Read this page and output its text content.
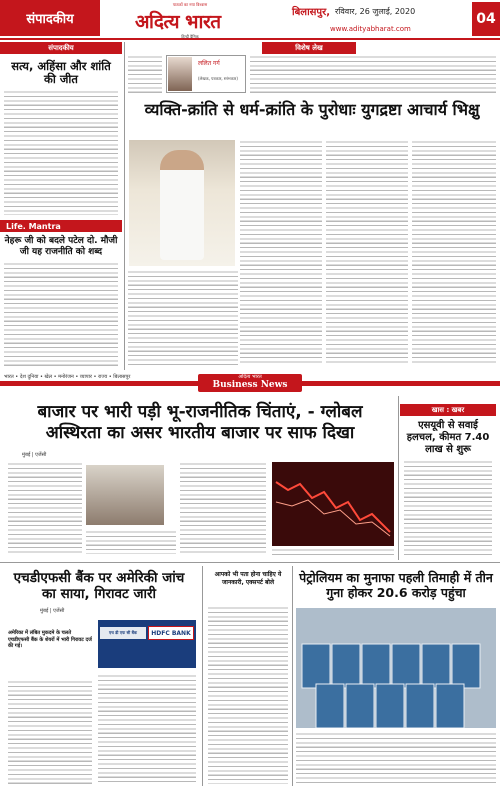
संपादकीय
पाठकों का नया विश्वास
अदित्य भारत
हिन्दी दैनिक
बिलासपुर, रविवार, 26 जुलाई, 2020
www.adityabharat.com
04
संपादकीय
सत्य, अहिंसा और शांति की जीत
Life. Mantra
नेहरू जी को बदले पटेल दो. मौजी जी यह राजनीति को शब्द
विशेष लेख
ललित गर्ग
(लेखक, पत्रकार, स्तंभकार)
व्यक्ति-क्रांति से धर्म-क्रांति के पुरोधाः युगद्रष्टा आचार्य भिक्षु
भारत • देश दुनिया • खेल • मनोरंजन • व्यापार • राज्य • बिलासपुर	अदित्य भारत
Business News
बाजार पर भारी पड़ी भू-राजनीतिक चिंताएं, - ग्लोबल अस्थिरता का असर भारतीय बाजार पर साफ दिखा
मुंबई | एजेंसी
खास : खबर
एसयूवी से सवाई हलचल, कीमत 7.40 लाख से शुरू
एचडीएफसी बैंक पर अमेरिकी जांच का साया, गिरावट जारी
मुंबई | एजेंसी
अमेरिका में लंबित मुकदमे के चलते एचडीएफसी बैंक के शेयरों में भारी गिरावट दर्ज की गई।
एच डी एफ सी बैंक	HDFC BANK
आपको भी पता होना चाहिए ये जानकारी, एक्सपर्ट बोले	पेट्रोलियम का मुनाफा पहली तिमाही में तीन गुना होकर 20.6 करोड़ पहुंचा
